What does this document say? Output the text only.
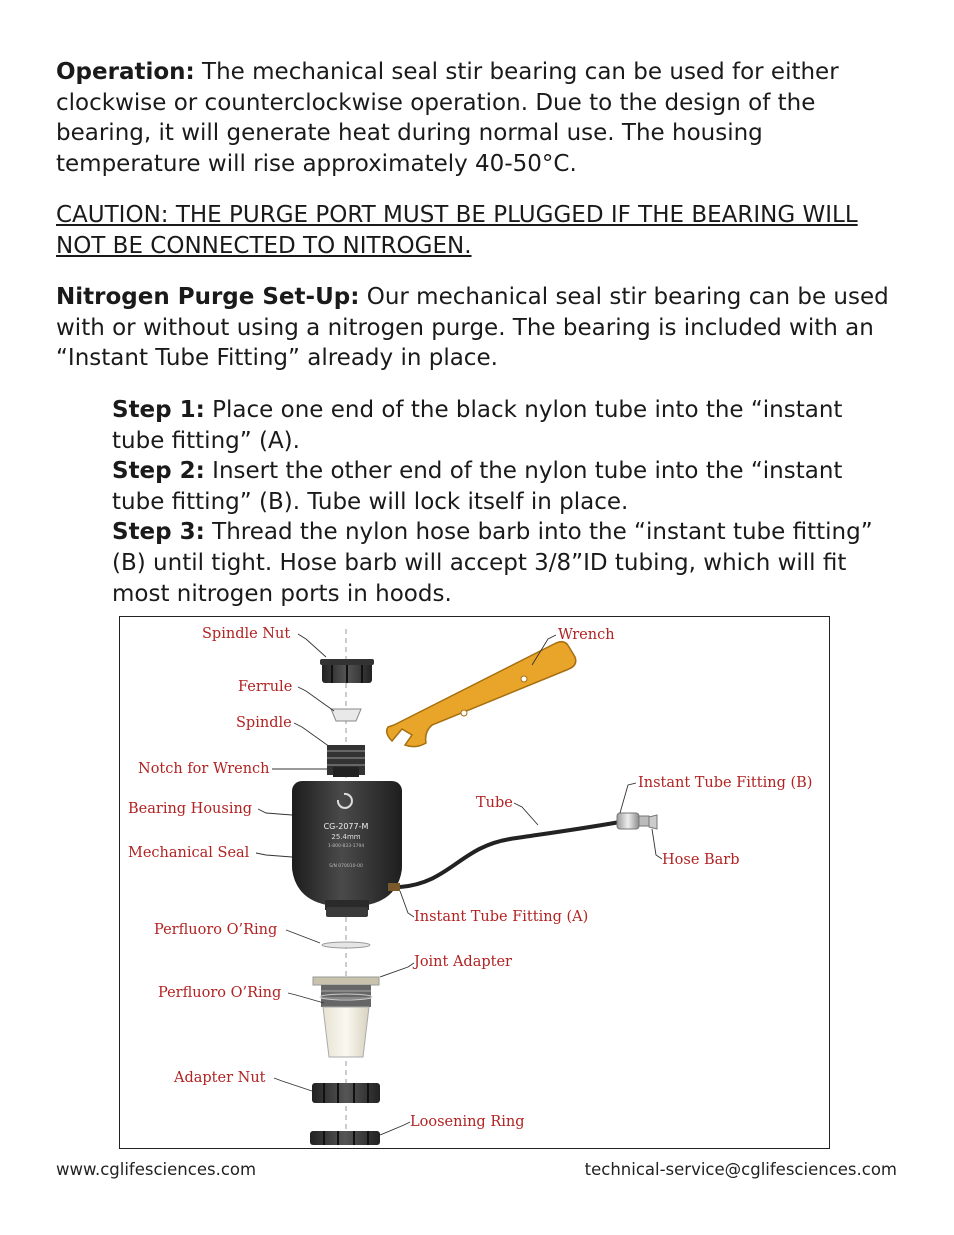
Operation: The mechanical seal stir bearing can be used for either clockwise or counterclockwise operation. Due to the design of the bearing, it will generate heat during normal use. The housing temperature will rise approximately 40-50°C.

CAUTION: THE PURGE PORT MUST BE PLUGGED IF THE BEARING WILL NOT BE CONNECTED TO NITROGEN.

Nitrogen Purge Set-Up: Our mechanical seal stir bearing can be used with or without using a nitrogen purge. The bearing is included with an “Instant Tube Fitting” already in place.

Step 1: Place one end of the black nylon tube into the “instant tube fitting” (A).

Step 2: Insert the other end of the nylon tube into the “instant tube fitting” (B). Tube will lock itself in place.

Step 3: Thread the nylon hose barb into the “instant tube fitting” (B) until tight. Hose barb will accept 3/8”ID tubing, which will fit most nitrogen ports in hoods.

CG-2077-M
25.4mm
1-800-833-1794
S/N 070010-00
Spindle Nut
Ferrule
Spindle
Notch for Wrench
Bearing Housing
Mechanical Seal
Perfluoro O’Ring
Perfluoro O’Ring
Adapter Nut
Wrench
Instant Tube Fitting (B)
Tube
Hose Barb
Instant Tube Fitting (A)
Joint Adapter
Loosening Ring
www.cglifesciences.com	technical-service@cglifesciences.com
